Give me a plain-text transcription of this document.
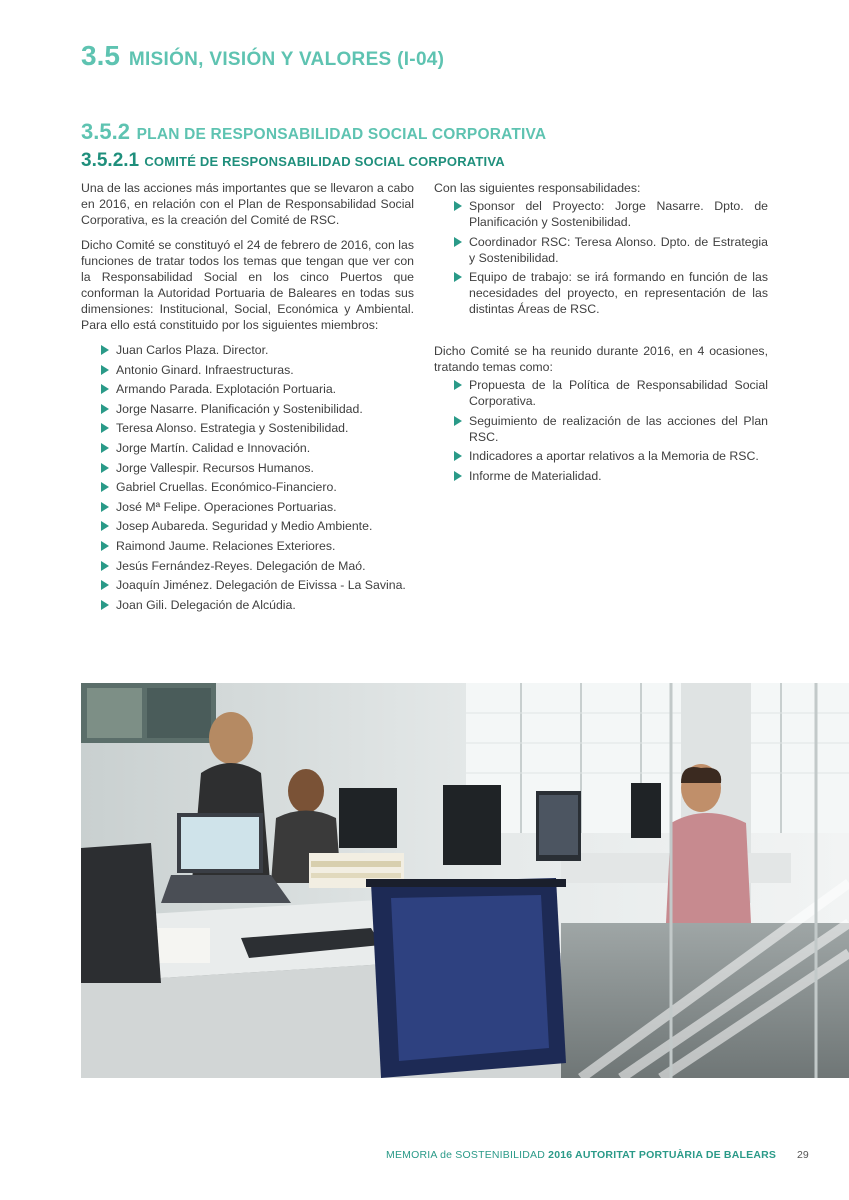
3.5 MISIÓN, VISIÓN Y VALORES (I-04)
3.5.2 PLAN DE RESPONSABILIDAD SOCIAL CORPORATIVA
3.5.2.1 COMITÉ DE RESPONSABILIDAD SOCIAL CORPORATIVA

Una de las acciones más importantes que se llevaron a cabo en 2016, en relación con el Plan de Responsabilidad Social Corporativa, es la creación del Comité de RSC.

Dicho Comité se constituyó el 24 de febrero de 2016, con las funciones de tratar todos los temas que tengan que ver con la Responsabilidad Social en los cinco Puertos que conforman la Autoridad Portuaria de Baleares en todas sus dimensiones: Institucional, Social, Económica y Ambiental. Para ello está constituido por los siguientes miembros:

Juan Carlos Plaza. Director.
Antonio Ginard. Infraestructuras.
Armando Parada. Explotación Portuaria.
Jorge Nasarre. Planificación y Sostenibilidad.
Teresa Alonso. Estrategia y Sostenibilidad.
Jorge Martín. Calidad e Innovación.
Jorge Vallespir. Recursos Humanos.
Gabriel Cruellas. Económico-Financiero.
José Mª Felipe. Operaciones Portuarias.
Josep Aubareda. Seguridad y Medio Ambiente.
Raimond Jaume. Relaciones Exteriores.
Jesús Fernández-Reyes. Delegación de Maó.
Joaquín Jiménez. Delegación de Eivissa - La Savina.
Joan Gili. Delegación de Alcúdia.

Con las siguientes responsabilidades:

Sponsor del Proyecto: Jorge Nasarre. Dpto. de Planificación y Sostenibilidad.
Coordinador RSC: Teresa Alonso. Dpto. de Estrategia y Sostenibilidad.
Equipo de trabajo: se irá formando en función de las necesidades del proyecto, en representación de las distintas Áreas de RSC.

Dicho Comité se ha reunido durante 2016, en 4 ocasiones, tratando temas como:

Propuesta de la Política de Responsabilidad Social Corporativa.
Seguimiento de realización de las acciones del Plan RSC.
Indicadores a aportar relativos a la Memoria de RSC.
Informe de Materialidad.
MEMORIA de SOSTENIBILIDAD 2016 AUTORITAT PORTUÀRIA DE BALEARS 29
